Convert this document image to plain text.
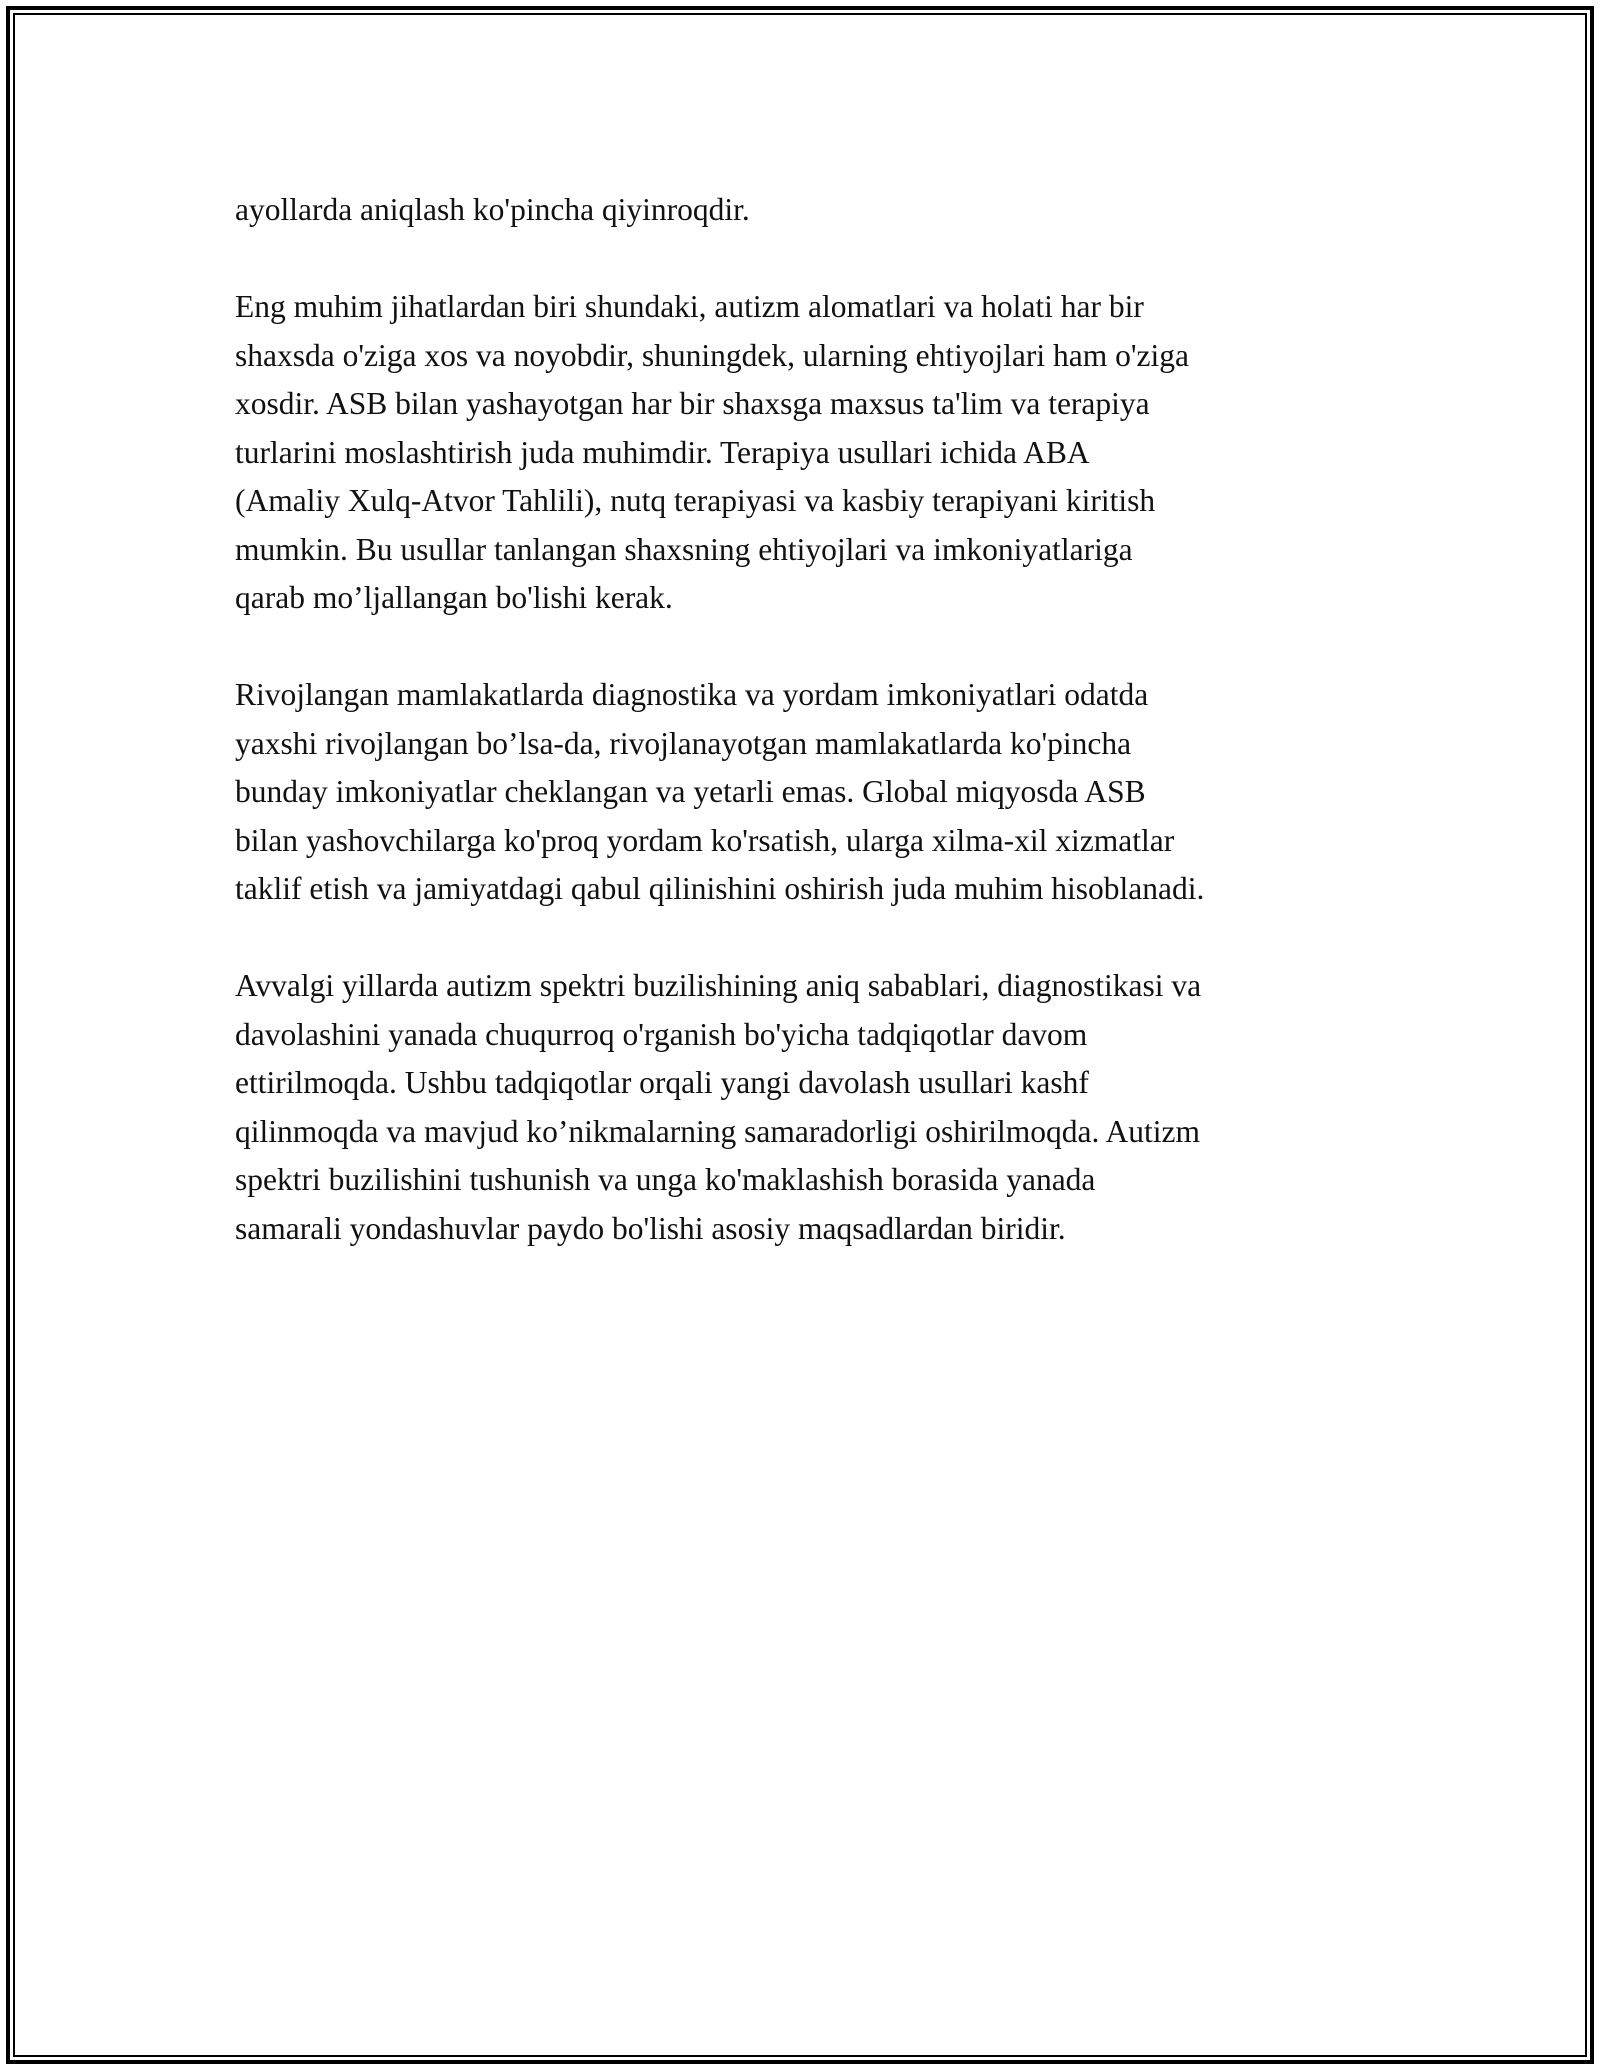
ayollarda aniqlash ko'pincha qiyinroqdir.

Eng muhim jihatlardan biri shundaki, autizm alomatlari va holati har bir
shaxsda o'ziga xos va noyobdir, shuningdek, ularning ehtiyojlari ham o'ziga
xosdir. ASB bilan yashayotgan har bir shaxsga maxsus ta'lim va terapiya
turlarini moslashtirish juda muhimdir. Terapiya usullari ichida ABA
(Amaliy Xulq-Atvor Tahlili), nutq terapiyasi va kasbiy terapiyani kiritish
mumkin. Bu usullar tanlangan shaxsning ehtiyojlari va imkoniyatlariga
qarab mo’ljallangan bo'lishi kerak.

Rivojlangan mamlakatlarda diagnostika va yordam imkoniyatlari odatda
yaxshi rivojlangan bo’lsa-da, rivojlanayotgan mamlakatlarda ko'pincha
bunday imkoniyatlar cheklangan va yetarli emas. Global miqyosda ASB
bilan yashovchilarga ko'proq yordam ko'rsatish, ularga xilma-xil xizmatlar
taklif etish va jamiyatdagi qabul qilinishini oshirish juda muhim hisoblanadi.

Avvalgi yillarda autizm spektri buzilishining aniq sabablari, diagnostikasi va
davolashini yanada chuqurroq o'rganish bo'yicha tadqiqotlar davom
ettirilmoqda. Ushbu tadqiqotlar orqali yangi davolash usullari kashf
qilinmoqda va mavjud ko’nikmalarning samaradorligi oshirilmoqda. Autizm
spektri buzilishini tushunish va unga ko'maklashish borasida yanada
samarali yondashuvlar paydo bo'lishi asosiy maqsadlardan biridir.
